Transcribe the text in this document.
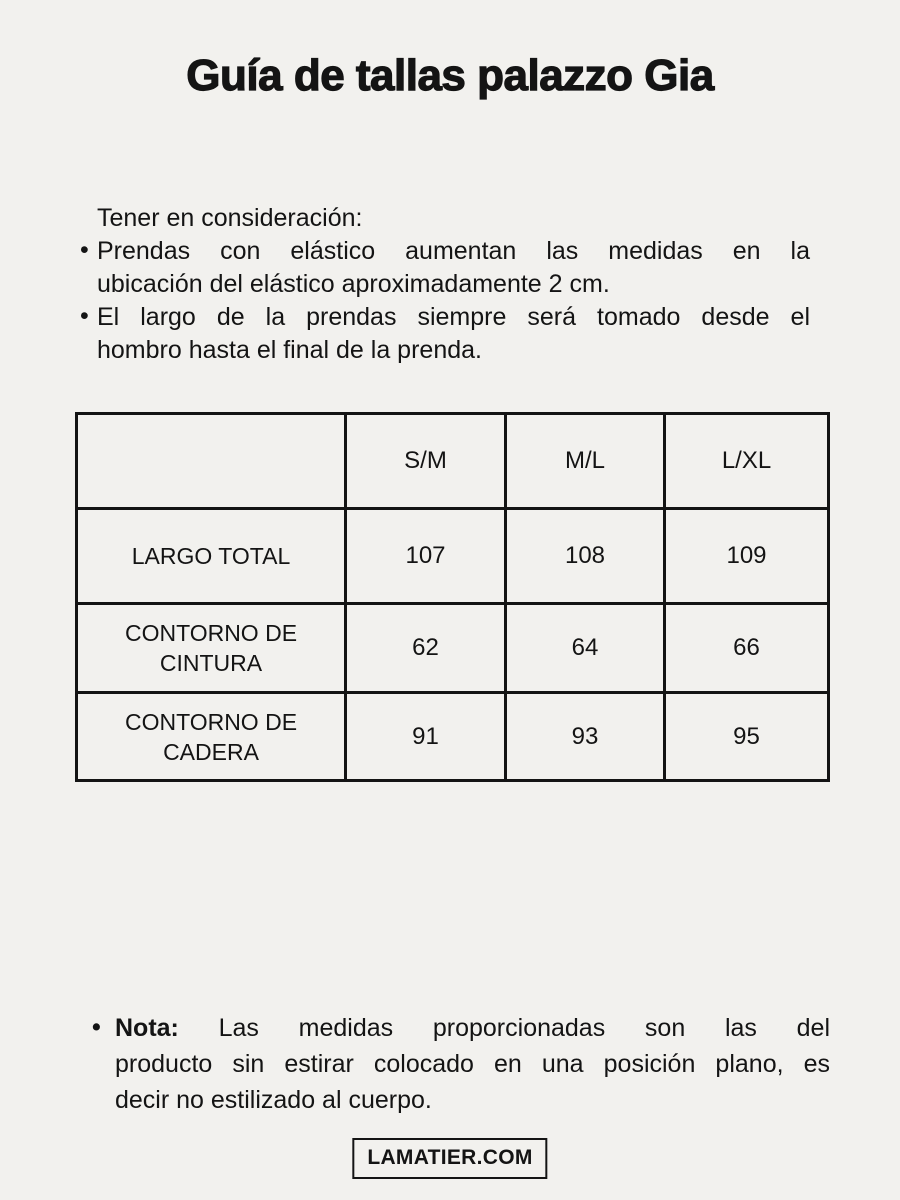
Guía de tallas palazzo Gia
Tener en consideración:
• Prendas con elástico aumentan las medidas en la
ubicación del elástico aproximadamente 2 cm.
• El largo de la prendas siempre será tomado desde el
hombro hasta el final de la prenda.
	S/M	M/L	L/XL
LARGO TOTAL	107	108	109
CONTORNO DE CINTURA	62	64	66
CONTORNO DE CADERA	91	93	95
• Nota: Las medidas proporcionadas son las del
producto sin estirar colocado en una posición plano, es
decir no estilizado al cuerpo.
LAMATIER.COM
